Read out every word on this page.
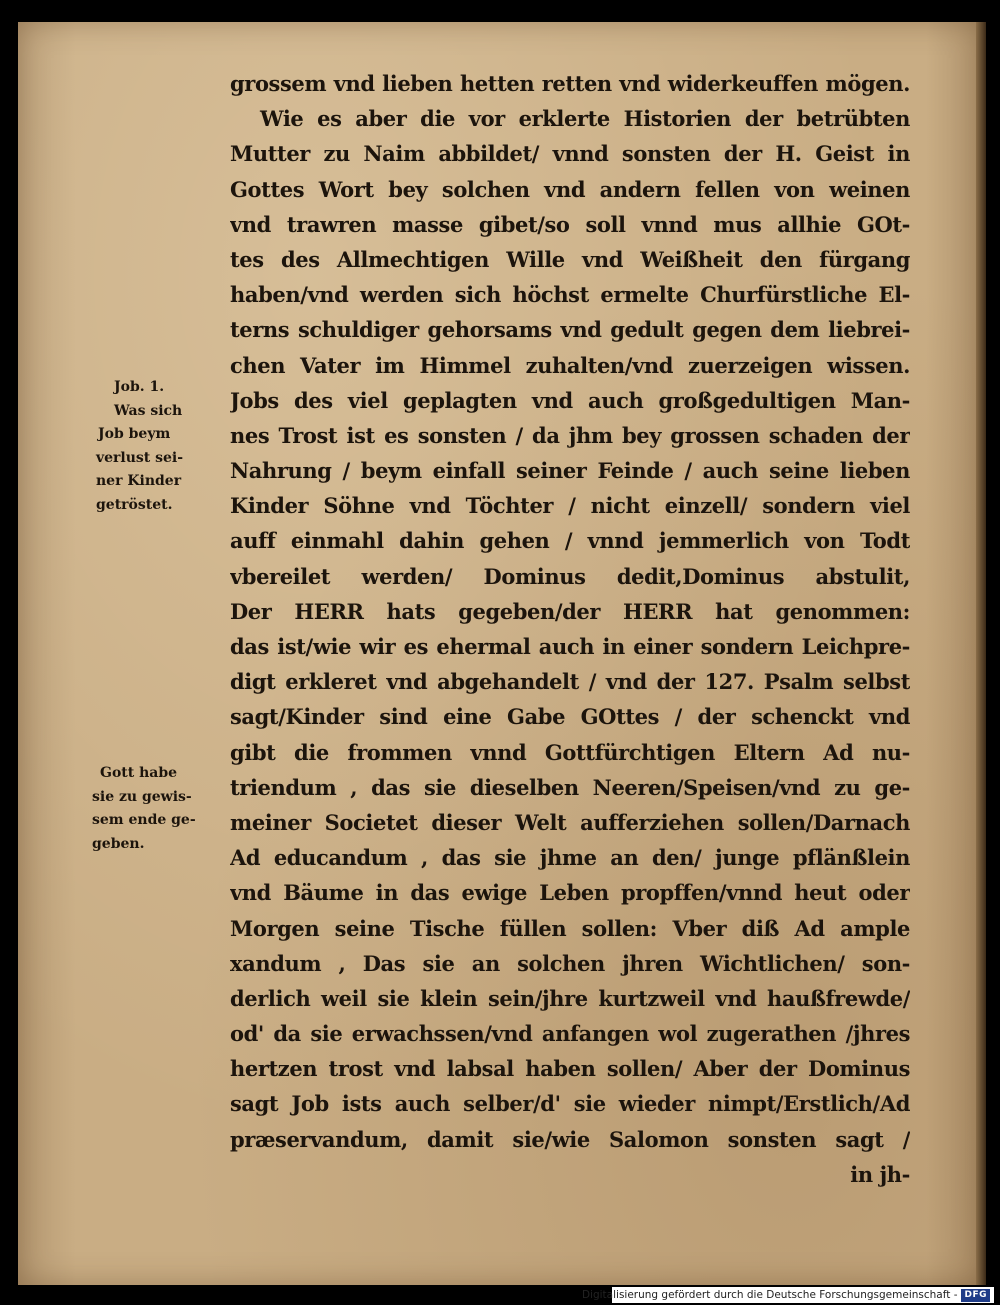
Job. 1.
Was sich
Job beym
verlust sei-
ner Kinder
getröstet.
Gott habe
sie zu gewis-
sem ende ge-
geben.
grossem vnd lieben hetten retten vnd widerkeuffen mögen.
Wie es aber die vor erklerte Historien der betrübten
Mutter zu Naim abbildet/ vnnd sonsten der H. Geist in
Gottes Wort bey solchen vnd andern fellen von weinen
vnd trawren masse gibet/so soll vnnd mus allhie GOt-
tes des Allmechtigen Wille vnd Weißheit den fürgang
haben/vnd werden sich höchst ermelte Churfürstliche El-
terns schuldiger gehorsams vnd gedult gegen dem liebrei-
chen Vater im Himmel zuhalten/vnd zuerzeigen wissen.
Jobs des viel geplagten vnd auch großgedultigen Man-
nes Trost ist es sonsten / da jhm bey grossen schaden der
Nahrung / beym einfall seiner Feinde / auch seine lieben
Kinder Söhne vnd Töchter / nicht einzell/ sondern viel
auff einmahl dahin gehen / vnnd jemmerlich von Todt
vbereilet werden/ Dominus dedit,Dominus abstulit,
Der HERR hats gegeben/der HERR hat genommen:
das ist/wie wir es ehermal auch in einer sondern Leichpre-
digt erkleret vnd abgehandelt / vnd der 127. Psalm selbst
sagt/Kinder sind eine Gabe GOttes / der schenckt vnd
gibt die frommen vnnd Gottfürchtigen Eltern Ad nu-
triendum , das sie dieselben Neeren/Speisen/vnd zu ge-
meiner Societet dieser Welt aufferziehen sollen/Darnach
Ad educandum , das sie jhme an den/ junge pflänßlein
vnd Bäume in das ewige Leben propffen/vnnd heut oder
Morgen seine Tische füllen sollen: Vber diß Ad ample
xandum , Das sie an solchen jhren Wichtlichen/ son-
derlich weil sie klein sein/jhre kurtzweil vnd haußfrewde/
od' da sie erwachssen/vnd anfangen wol zugerathen /jhres
hertzen trost vnd labsal haben sollen/ Aber der Dominus
sagt Job ists auch selber/d' sie wieder nimpt/Erstlich/Ad
præservandum, damit sie/wie Salomon sonsten sagt /
in jh-
Digitalisierung gefördert durch die Deutsche Forschungsgemeinschaft - DFG
